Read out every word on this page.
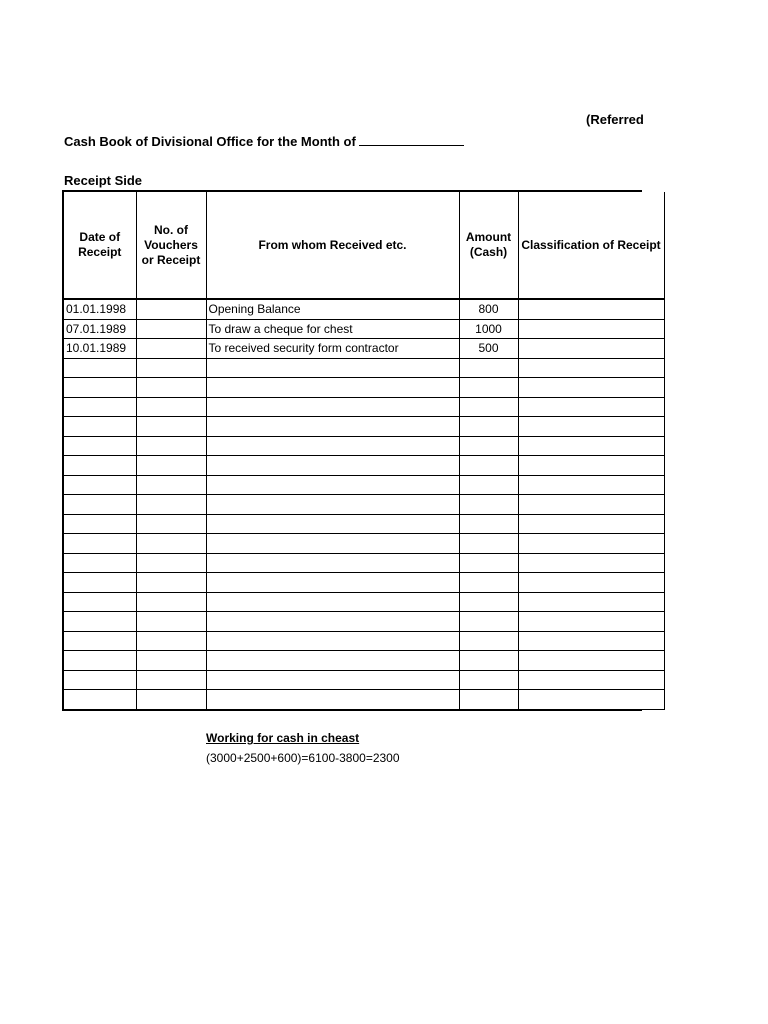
(Referred
Cash Book of Divisional Office for the Month of
Receipt Side
Date of Receipt	No. of Vouchers or Receipt	From whom Received etc.	Amount (Cash)	Classification of Receipt
01.01.1998		Opening Balance	800	
07.01.1989		To draw a cheque for chest	1000	
10.01.1989		To received security form contractor	500	

Working for cash in cheast
(3000+2500+600)=6100-3800=2300
